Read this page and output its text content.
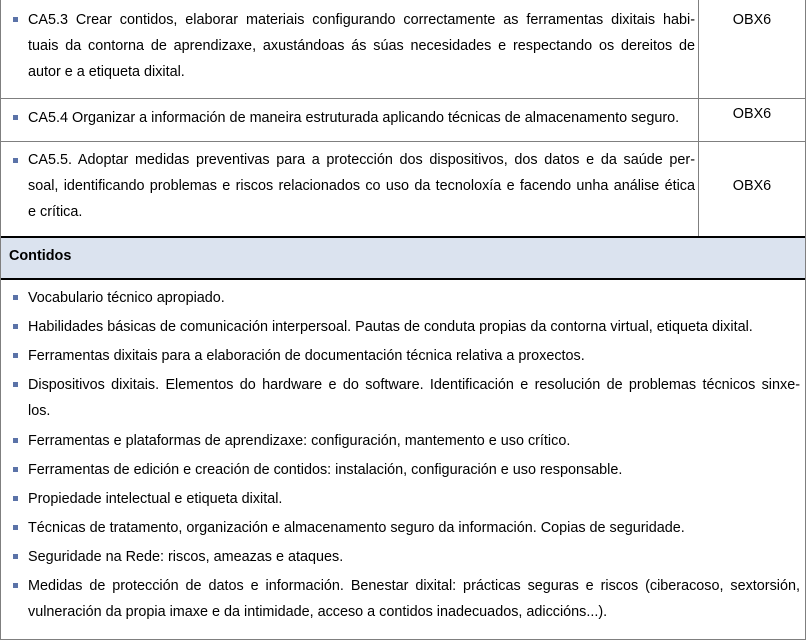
CA5.3 Crear contidos, elaborar materiais configurando correctamente as ferramentas dixitais habi-
tuais da contorna de aprendizaxe, axustándoas ás súas necesidades e respectando os dereitos de
autor e a etiqueta dixital.
OBX6
CA5.4 Organizar a información de maneira estruturada aplicando técnicas de almacenamento seguro.	OBX6
CA5.5. Adoptar medidas preventivas para a protección dos dispositivos, dos datos e da saúde per-
soal, identificando problemas e riscos relacionados co uso da tecnoloxía e facendo unha análise ética
e crítica.
OBX6
Contidos
Vocabulario técnico apropiado.
Habilidades básicas de comunicación interpersoal. Pautas de conduta propias da contorna virtual, etiqueta dixital.
Ferramentas dixitais para a elaboración de documentación técnica relativa a proxectos.
Dispositivos dixitais. Elementos do hardware e do software. Identificación e resolución de problemas técnicos sinxe-
los.
Ferramentas e plataformas de aprendizaxe: configuración, mantemento e uso crítico.
Ferramentas de edición e creación de contidos: instalación, configuración e uso responsable.
Propiedade intelectual e etiqueta dixital.
Técnicas de tratamento, organización e almacenamento seguro da información. Copias de seguridade.
Seguridade na Rede: riscos, ameazas e ataques.
Medidas de protección de datos e información. Benestar dixital: prácticas seguras e riscos (ciberacoso, sextorsión,
vulneración da propia imaxe e da intimidade, acceso a contidos inadecuados, adiccións...).
